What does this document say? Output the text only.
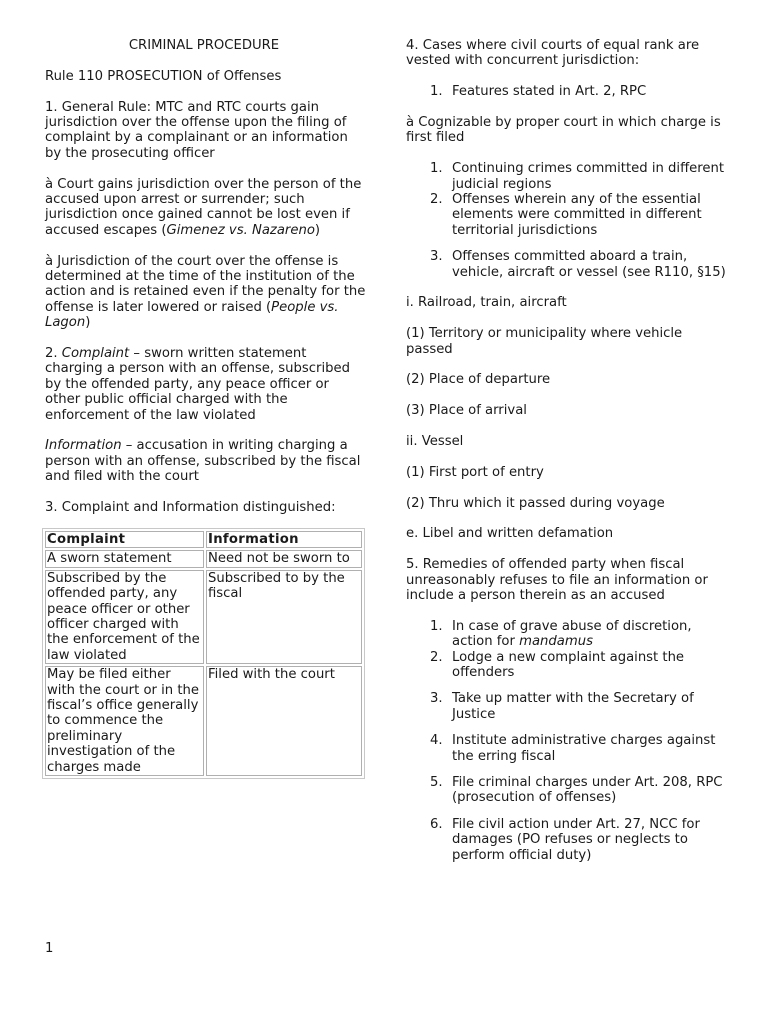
CRIMINAL PROCEDURE

Rule 110 PROSECUTION of Offenses

1. General Rule: MTC and RTC courts gain jurisdiction over the offense upon the filing of complaint by a complainant or an information by the prosecuting officer

à Court gains jurisdiction over the person of the accused upon arrest or surrender; such jurisdiction once gained cannot be lost even if accused escapes (Gimenez vs. Nazareno)

à Jurisdiction of the court over the offense is determined at the time of the institution of the action and is retained even if the penalty for the offense is later lowered or raised (People vs. Lagon)

2. Complaint – sworn written statement charging a person with an offense, subscribed by the offended party, any peace officer or other public official charged with the enforcement of the law violated

Information – accusation in writing charging a person with an offense, subscribed by the fiscal and filed with the court

3. Complaint and Information distinguished:

Complaint	Information
A sworn statement	Need not be sworn to
Subscribed by the offended party, any peace officer or other officer charged with the enforcement of the law violated	Subscribed to by the fiscal
May be filed either with the court or in the fiscal’s office generally to commence the preliminary investigation of the charges made	Filed with the court

4. Cases where civil courts of equal rank are vested with concurrent jurisdiction:

1. Features stated in Art. 2, RPC

à Cognizable by proper court in which charge is first filed

1. Continuing crimes committed in different judicial regions
2. Offenses wherein any of the essential elements were committed in different territorial jurisdictions
3. Offenses committed aboard a train, vehicle, aircraft or vessel (see R110, §15)

i. Railroad, train, aircraft

(1) Territory or municipality where vehicle passed

(2) Place of departure

(3) Place of arrival

ii. Vessel

(1) First port of entry

(2) Thru which it passed during voyage

e. Libel and written defamation

5. Remedies of offended party when fiscal unreasonably refuses to file an information or include a person therein as an accused

1. In case of grave abuse of discretion, action for mandamus
2. Lodge a new complaint against the offenders
3. Take up matter with the Secretary of Justice
4. Institute administrative charges against the erring fiscal
5. File criminal charges under Art. 208, RPC (prosecution of offenses)
6. File civil action under Art. 27, NCC for damages (PO refuses or neglects to perform official duty)
1
